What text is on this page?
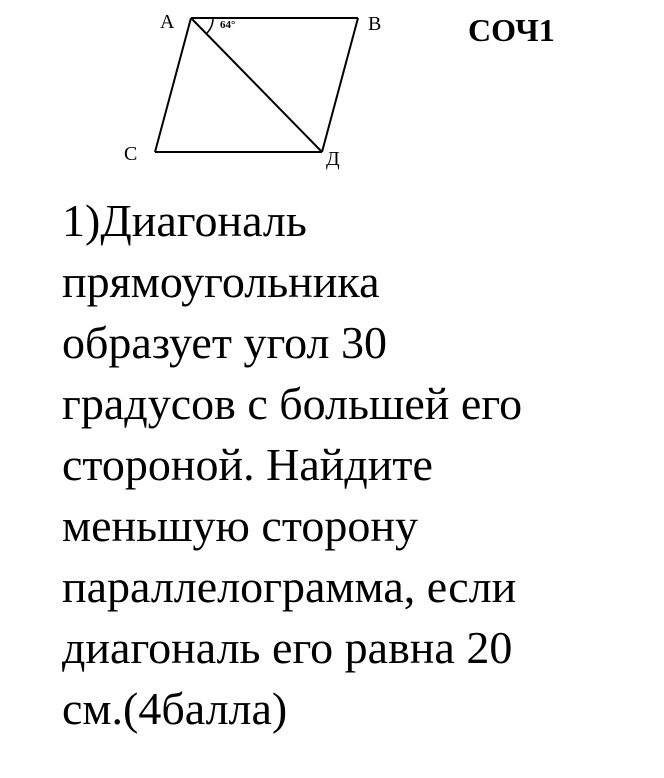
A	B
C	Д
64°	СОЧ1
1)Диагональ
прямоугольника
образует угол 30
градусов с большей его
стороной. Найдите
меньшую сторону
параллелограмма, если
диагональ его равна 20
см.(4балла)
